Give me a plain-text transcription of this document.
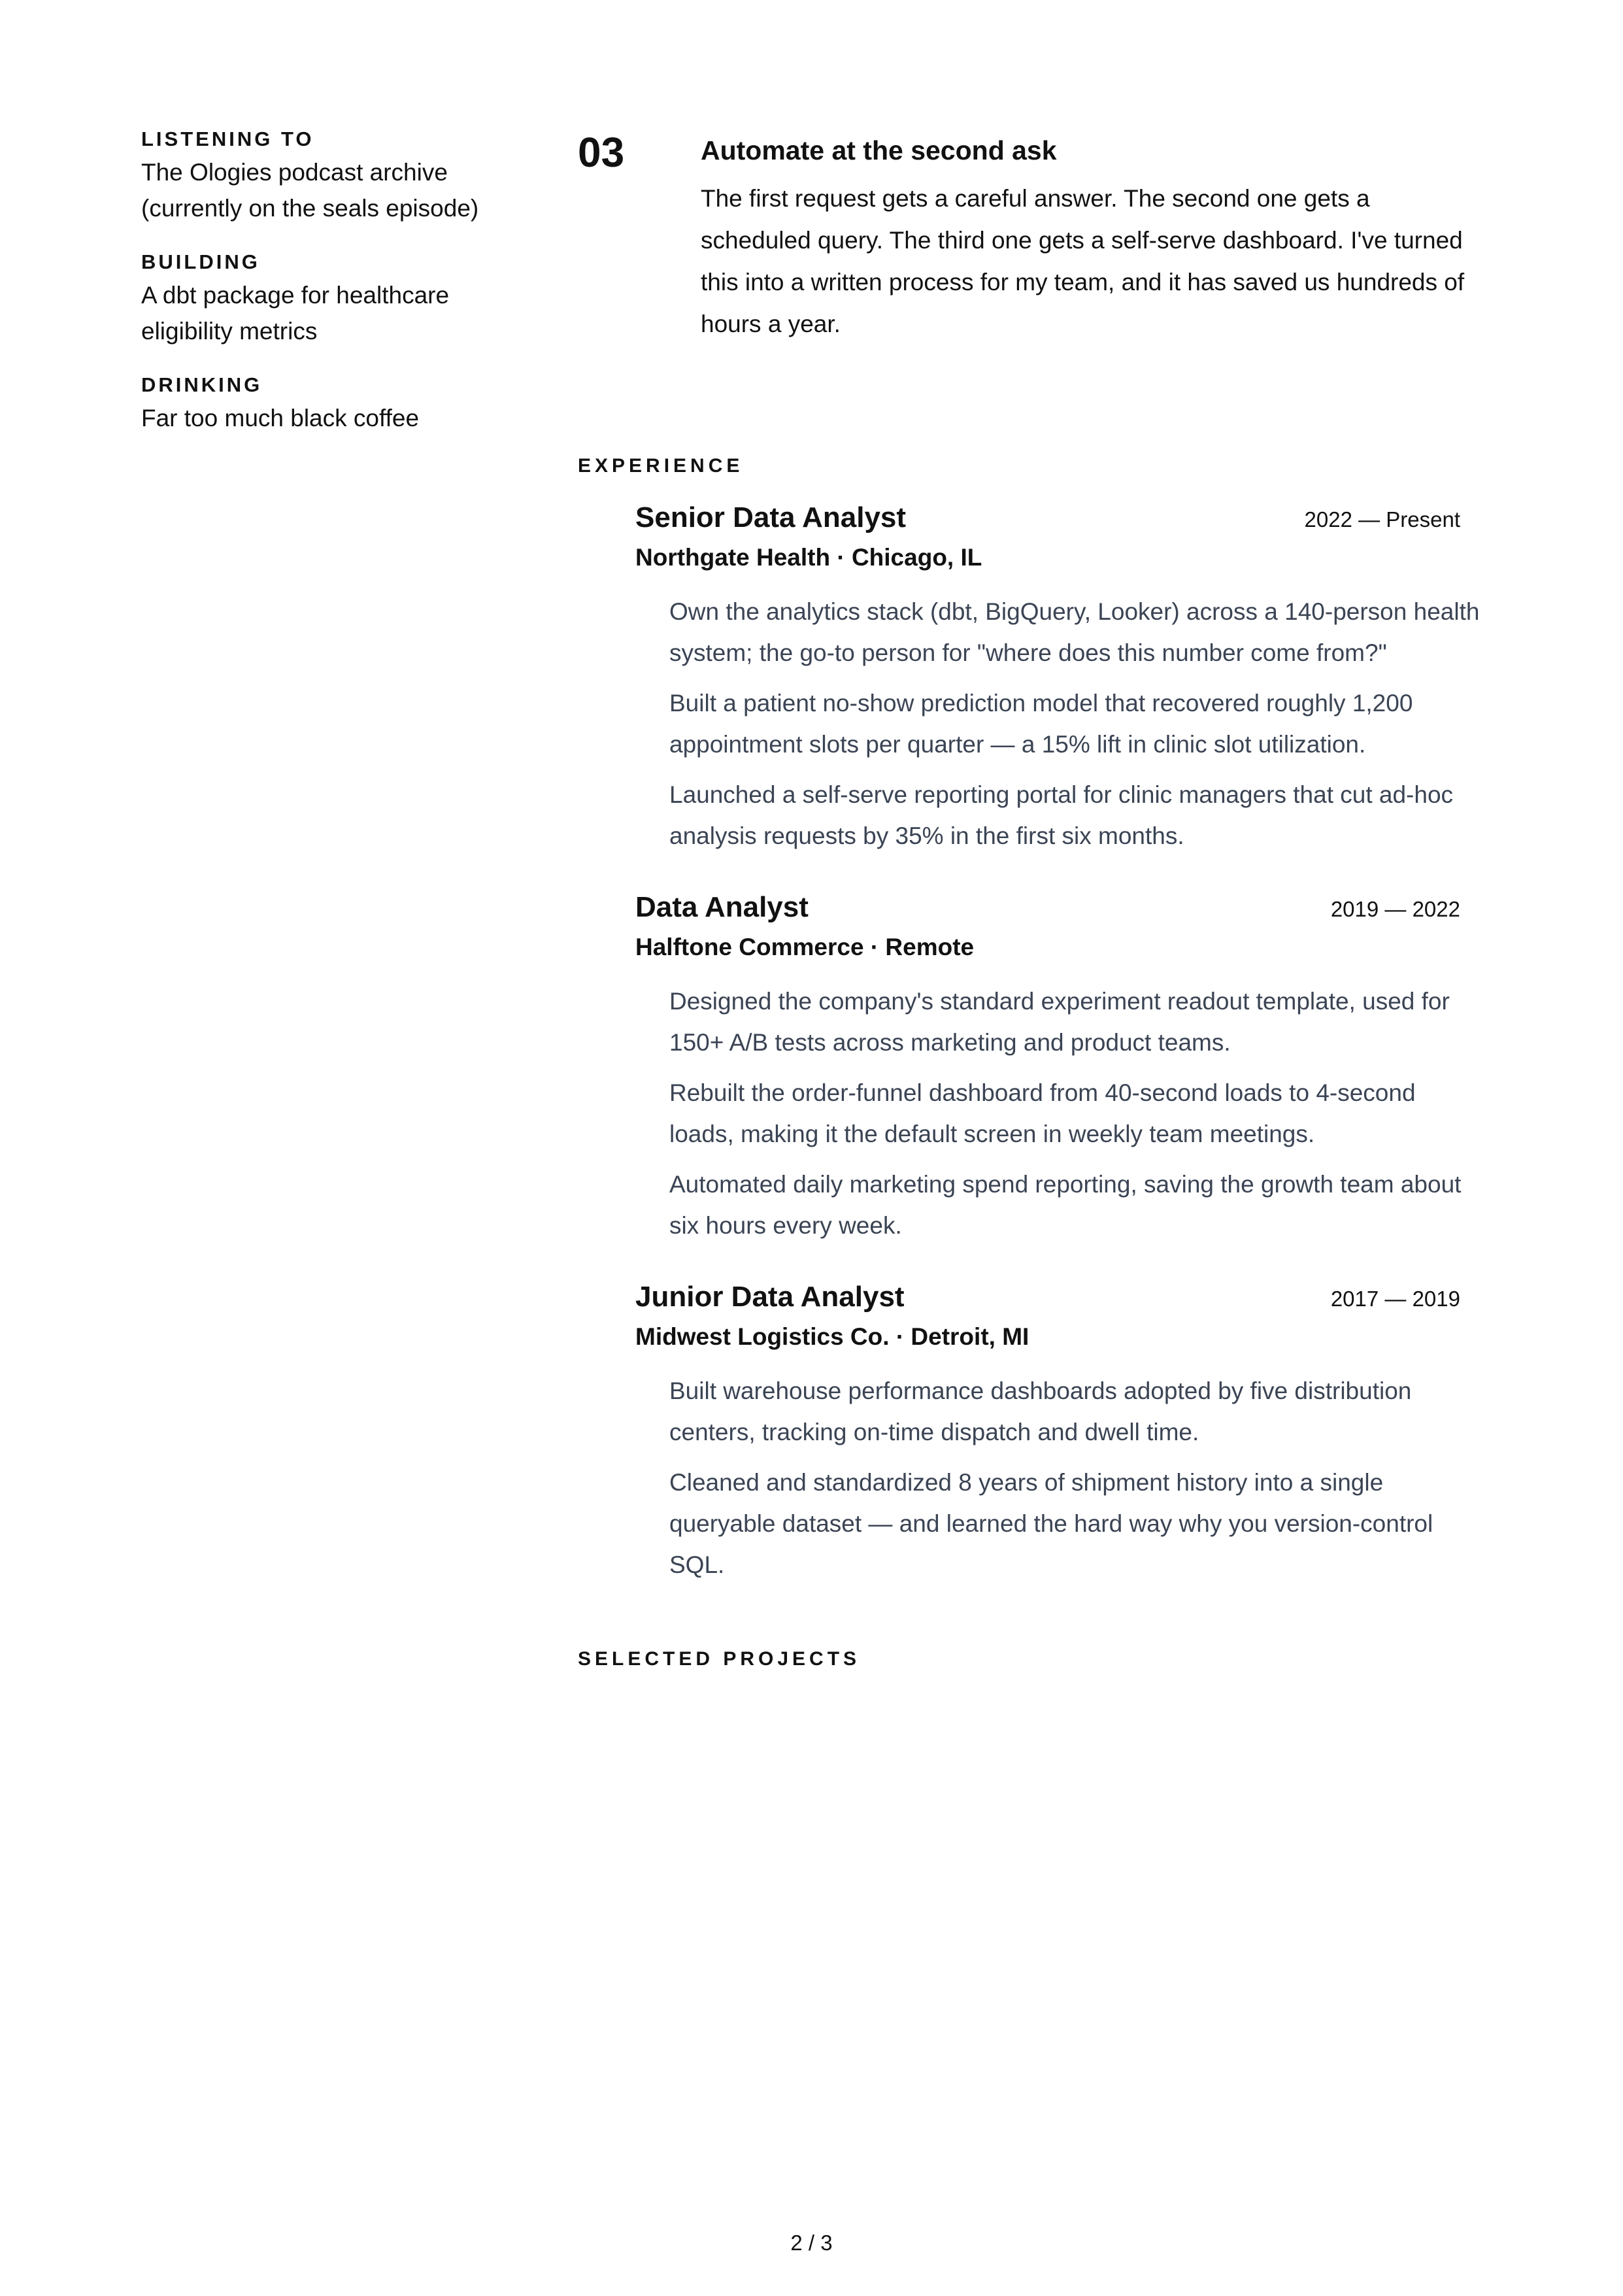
LISTENING TO
The Ologies podcast archive (currently on the seals episode)
BUILDING
A dbt package for healthcare eligibility metrics
DRINKING
Far too much black coffee
03	Automate at the second ask
The first request gets a careful answer. The second one gets a scheduled query. The third one gets a self-serve dashboard. I've turned this into a written process for my team, and it has saved us hundreds of hours a year.
EXPERIENCE
Senior Data Analyst	2022 — Present
Northgate Health · Chicago, IL
Own the analytics stack (dbt, BigQuery, Looker) across a 140-person health system; the go-to person for "where does this number come from?"
Built a patient no-show prediction model that recovered roughly 1,200 appointment slots per quarter — a 15% lift in clinic slot utilization.
Launched a self-serve reporting portal for clinic managers that cut ad-hoc analysis requests by 35% in the first six months.
Data Analyst	2019 — 2022
Halftone Commerce · Remote
Designed the company's standard experiment readout template, used for 150+ A/B tests across marketing and product teams.
Rebuilt the order-funnel dashboard from 40-second loads to 4-second loads, making it the default screen in weekly team meetings.
Automated daily marketing spend reporting, saving the growth team about six hours every week.
Junior Data Analyst	2017 — 2019
Midwest Logistics Co. · Detroit, MI
Built warehouse performance dashboards adopted by five distribution centers, tracking on-time dispatch and dwell time.
Cleaned and standardized 8 years of shipment history into a single queryable dataset — and learned the hard way why you version-control SQL.
SELECTED PROJECTS
2 / 3
